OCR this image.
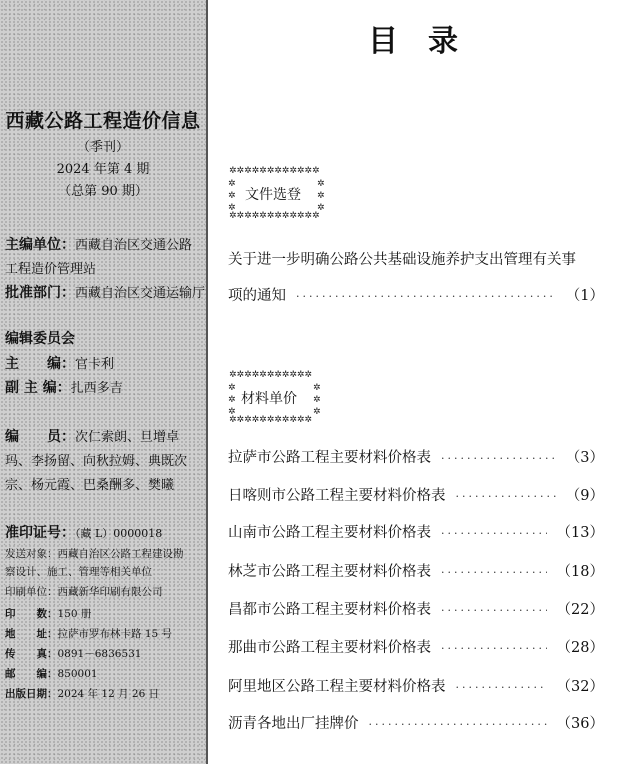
西藏公路工程造价信息
（季刊）
2024 年第 4 期
（总第 90 期）
主编单位：西藏自治区交通公路
工程造价管理站
批准部门：西藏自治区交通运输厅
编辑委员会
主　　编：官卡利
副 主 编：扎西多吉
编　　员：次仁索朗、旦增卓
玛、李扬留、向秋拉姆、典既次
宗、杨元霞、巴桑酬多、樊曦
准印证号：（藏 L）0000018
发送对象：西藏自治区公路工程建设勘
察设计、施工、管理等相关单位
印刷单位：西藏新华印刷有限公司
印　　数：150 册
地　　址：拉萨市罗布林卡路 15 号
传　　真：0891－6836531
邮　　编：850001
出版日期：2024 年 12 月 26 日
目录
✲✲✲✲✲✲✲✲✲✲✲✲
✲✲✲✲✲✲✲✲✲✲✲✲
✲
✲
✲
✲
✲
✲
文件选登
关于进一步明确公路公共基础设施养护支出管理有关事
项的通知 ·····	（1）
✲✲✲✲✲✲✲✲✲✲✲
✲✲✲✲✲✲✲✲✲✲✲
✲
✲
✲
✲
✲
✲
材料单价
拉萨市公路工程主要材料价格表 ·····	（3）
日喀则市公路工程主要材料价格表 ·····	（9）
山南市公路工程主要材料价格表 ·····	（13）
林芝市公路工程主要材料价格表 ·····	（18）
昌都市公路工程主要材料价格表 ·····	（22）
那曲市公路工程主要材料价格表 ·····	（28）
阿里地区公路工程主要材料价格表 ·····	（32）
沥青各地出厂挂牌价 ·····	（36）
